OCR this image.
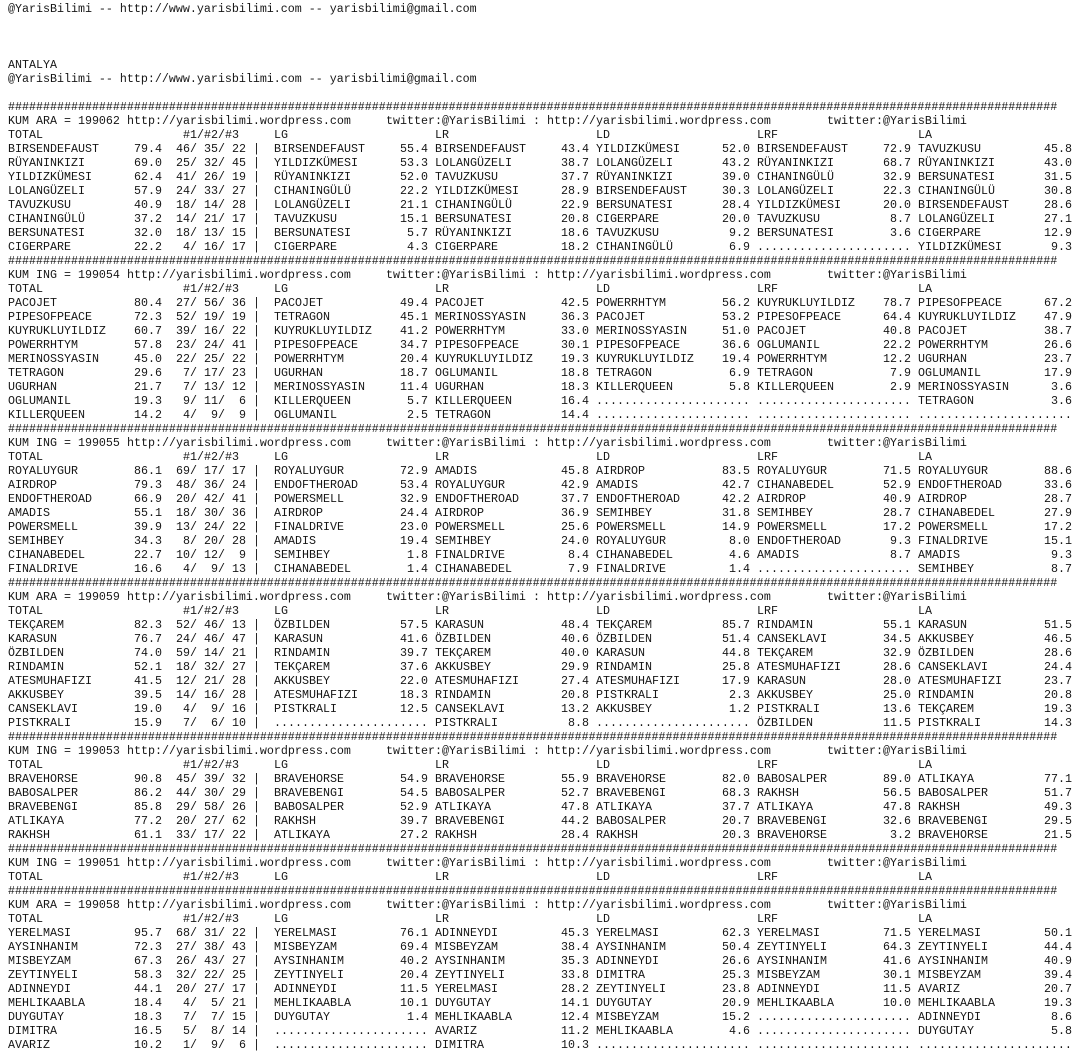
@YarisBilimi -- http://www.yarisbilimi.com -- yarisbilimi@gmail.com
ANTALYA
@YarisBilimi -- http://www.yarisbilimi.com -- yarisbilimi@gmail.com
######################################################################################################################################################
KUM ARA = 199062 http://yarisbilimi.wordpress.com	twitter:@YarisBilimi : http://yarisbilimi.wordpress.com	twitter:@YarisBilimi
TOTAL	#1/#2/#3	LG	LR	LD	LRF	LA
BIRSENDEFAUST	79.4	46/ 35/ 22 | BIRSENDEFAUST	55.4 BIRSENDEFAUST	43.4 YILDIZKÜMESI	52.0 BIRSENDEFAUST	72.9 TAVUZKUSU	45.8
RÜYANINKIZI	69.0	25/ 32/ 45 | YILDIZKÜMESI	53.3 LOLANGÜZELI	38.7 LOLANGÜZELI	43.2 RÜYANINKIZI	68.7 RÜYANINKIZI	43.0
YILDIZKÜMESI	62.4	41/ 26/ 19 | RÜYANINKIZI	52.0 TAVUZKUSU	37.7 RÜYANINKIZI	39.0 CIHANINGÜLÜ	32.9 BERSUNATESI	31.5
LOLANGÜZELI	57.9	24/ 33/ 27 | CIHANINGÜLÜ	22.2 YILDIZKÜMESI	28.9 BIRSENDEFAUST	30.3 LOLANGÜZELI	22.3 CIHANINGÜLÜ	30.8
TAVUZKUSU	40.9	18/ 14/ 28 | LOLANGÜZELI	21.1 CIHANINGÜLÜ	22.9 BERSUNATESI	28.4 YILDIZKÜMESI	20.0 BIRSENDEFAUST	28.6
CIHANINGÜLÜ	37.2	14/ 21/ 17 | TAVUZKUSU	15.1 BERSUNATESI	20.8 CIGERPARE	20.0 TAVUZKUSU	8.7 LOLANGÜZELI	27.1
BERSUNATESI	32.0	18/ 13/ 15 | BERSUNATESI	5.7 RÜYANINKIZI	18.6 TAVUZKUSU	9.2 BERSUNATESI	3.6 CIGERPARE	12.9
CIGERPARE	22.2	4/ 16/ 17 | CIGERPARE	4.3 CIGERPARE	18.2 CIHANINGÜLÜ	6.9 ...................... YILDIZKÜMESI	9.3
######################################################################################################################################################
KUM ING = 199054 http://yarisbilimi.wordpress.com	twitter:@YarisBilimi : http://yarisbilimi.wordpress.com	twitter:@YarisBilimi
TOTAL	#1/#2/#3	LG	LR	LD	LRF	LA
PACOJET	80.4	27/ 56/ 36 | PACOJET	49.4 PACOJET	42.5 POWERRHTYM	56.2 KUYRUKLUYILDIZ	78.7 PIPESOFPEACE	67.2
PIPESOFPEACE	72.3	52/ 19/ 19 | TETRAGON	45.1 MERINOSSYASIN	36.3 PACOJET	53.2 PIPESOFPEACE	64.4 KUYRUKLUYILDIZ	47.9
KUYRUKLUYILDIZ	60.7	39/ 16/ 22 | KUYRUKLUYILDIZ	41.2 POWERRHTYM	33.0 MERINOSSYASIN	51.0 PACOJET	40.8 PACOJET	38.7
POWERRHTYM	57.8	23/ 24/ 41 | PIPESOFPEACE	34.7 PIPESOFPEACE	30.1 PIPESOFPEACE	36.6 OGLUMANIL	22.2 POWERRHTYM	26.6
MERINOSSYASIN	45.0	22/ 25/ 22 | POWERRHTYM	20.4 KUYRUKLUYILDIZ	19.3 KUYRUKLUYILDIZ	19.4 POWERRHTYM	12.2 UGURHAN	23.7
TETRAGON	29.6	7/ 17/ 23 | UGURHAN	18.7 OGLUMANIL	18.8 TETRAGON	6.9 TETRAGON	7.9 OGLUMANIL	17.9
UGURHAN	21.7	7/ 13/ 12 | MERINOSSYASIN	11.4 UGURHAN	18.3 KILLERQUEEN	5.8 KILLERQUEEN	2.9 MERINOSSYASIN	3.6
OGLUMANIL	19.3	9/ 11/  6 | KILLERQUEEN	5.7 KILLERQUEEN	16.4 ...................... ...................... TETRAGON	3.6
KILLERQUEEN	14.2	4/  9/  9 | OGLUMANIL	2.5 TETRAGON	14.4 ...................... ...................... ......................
######################################################################################################################################################
KUM ING = 199055 http://yarisbilimi.wordpress.com	twitter:@YarisBilimi : http://yarisbilimi.wordpress.com	twitter:@YarisBilimi
TOTAL	#1/#2/#3	LG	LR	LD	LRF	LA
ROYALUYGUR	86.1	69/ 17/ 17 | ROYALUYGUR	72.9 AMADIS	45.8 AIRDROP	83.5 ROYALUYGUR	71.5 ROYALUYGUR	88.6
AIRDROP	79.3	48/ 36/ 24 | ENDOFTHEROAD	53.4 ROYALUYGUR	42.9 AMADIS	42.7 CIHANABEDEL	52.9 ENDOFTHEROAD	33.6
ENDOFTHEROAD	66.9	20/ 42/ 41 | POWERSMELL	32.9 ENDOFTHEROAD	37.7 ENDOFTHEROAD	42.2 AIRDROP	40.9 AIRDROP	28.7
AMADIS	55.1	18/ 30/ 36 | AIRDROP	24.4 AIRDROP	36.9 SEMIHBEY	31.8 SEMIHBEY	28.7 CIHANABEDEL	27.9
POWERSMELL	39.9	13/ 24/ 22 | FINALDRIVE	23.0 POWERSMELL	25.6 POWERSMELL	14.9 POWERSMELL	17.2 POWERSMELL	17.2
SEMIHBEY	34.3	8/ 20/ 28 | AMADIS	19.4 SEMIHBEY	24.0 ROYALUYGUR	8.0 ENDOFTHEROAD	9.3 FINALDRIVE	15.1
CIHANABEDEL	22.7	10/ 12/  9 | SEMIHBEY	1.8 FINALDRIVE	8.4 CIHANABEDEL	4.6 AMADIS	8.7 AMADIS	9.3
FINALDRIVE	16.6	4/  9/ 13 | CIHANABEDEL	1.4 CIHANABEDEL	7.9 FINALDRIVE	1.4 ...................... SEMIHBEY	8.7
######################################################################################################################################################
KUM ARA = 199059 http://yarisbilimi.wordpress.com	twitter:@YarisBilimi : http://yarisbilimi.wordpress.com	twitter:@YarisBilimi
TOTAL	#1/#2/#3	LG	LR	LD	LRF	LA
TEKÇAREM	82.3	52/ 46/ 13 | ÖZBILDEN	57.5 KARASUN	48.4 TEKÇAREM	85.7 RINDAMIN	55.1 KARASUN	51.5
KARASUN	76.7	24/ 46/ 47 | KARASUN	41.6 ÖZBILDEN	40.6 ÖZBILDEN	51.4 CANSEKLAVI	34.5 AKKUSBEY	46.5
ÖZBILDEN	74.0	59/ 14/ 21 | RINDAMIN	39.7 TEKÇAREM	40.0 KARASUN	44.8 TEKÇAREM	32.9 ÖZBILDEN	28.6
RINDAMIN	52.1	18/ 32/ 27 | TEKÇAREM	37.6 AKKUSBEY	29.9 RINDAMIN	25.8 ATESMUHAFIZI	28.6 CANSEKLAVI	24.4
ATESMUHAFIZI	41.5	12/ 21/ 28 | AKKUSBEY	22.0 ATESMUHAFIZI	27.4 ATESMUHAFIZI	17.9 KARASUN	28.0 ATESMUHAFIZI	23.7
AKKUSBEY	39.5	14/ 16/ 28 | ATESMUHAFIZI	18.3 RINDAMIN	20.8 PISTKRALI	2.3 AKKUSBEY	25.0 RINDAMIN	20.8
CANSEKLAVI	19.0	4/  9/ 16 | PISTKRALI	12.5 CANSEKLAVI	13.2 AKKUSBEY	1.2 PISTKRALI	13.6 TEKÇAREM	19.3
PISTKRALI	15.9	7/  6/ 10 | ...................... PISTKRALI	8.8 ...................... ÖZBILDEN	11.5 PISTKRALI	14.3
######################################################################################################################################################
KUM ING = 199053 http://yarisbilimi.wordpress.com	twitter:@YarisBilimi : http://yarisbilimi.wordpress.com	twitter:@YarisBilimi
TOTAL	#1/#2/#3	LG	LR	LD	LRF	LA
BRAVEHORSE	90.8	45/ 39/ 32 | BRAVEHORSE	54.9 BRAVEHORSE	55.9 BRAVEHORSE	82.0 BABOSALPER	89.0 ATLIKAYA	77.1
BABOSALPER	86.2	44/ 30/ 29 | BRAVEBENGI	54.5 BABOSALPER	52.7 BRAVEBENGI	68.3 RAKHSH	56.5 BABOSALPER	51.7
BRAVEBENGI	85.8	29/ 58/ 26 | BABOSALPER	52.9 ATLIKAYA	47.8 ATLIKAYA	37.7 ATLIKAYA	47.8 RAKHSH	49.3
ATLIKAYA	77.2	20/ 27/ 62 | RAKHSH	39.7 BRAVEBENGI	44.2 BABOSALPER	20.7 BRAVEBENGI	32.6 BRAVEBENGI	29.5
RAKHSH	61.1	33/ 17/ 22 | ATLIKAYA	27.2 RAKHSH	28.4 RAKHSH	20.3 BRAVEHORSE	3.2 BRAVEHORSE	21.5
######################################################################################################################################################
KUM ING = 199051 http://yarisbilimi.wordpress.com	twitter:@YarisBilimi : http://yarisbilimi.wordpress.com	twitter:@YarisBilimi
TOTAL	#1/#2/#3	LG	LR	LD	LRF	LA
######################################################################################################################################################
KUM ARA = 199058 http://yarisbilimi.wordpress.com	twitter:@YarisBilimi : http://yarisbilimi.wordpress.com	twitter:@YarisBilimi
TOTAL	#1/#2/#3	LG	LR	LD	LRF	LA
YERELMASI	95.7	68/ 31/ 22 | YERELMASI	76.1 ADINNEYDI	45.3 YERELMASI	62.3 YERELMASI	71.5 YERELMASI	50.1
AYSINHANIM	72.3	27/ 38/ 43 | MISBEYZAM	69.4 MISBEYZAM	38.4 AYSINHANIM	50.4 ZEYTINYELI	64.3 ZEYTINYELI	44.4
MISBEYZAM	67.3	26/ 43/ 27 | AYSINHANIM	40.2 AYSINHANIM	35.3 ADINNEYDI	26.6 AYSINHANIM	41.6 AYSINHANIM	40.9
ZEYTINYELI	58.3	32/ 22/ 25 | ZEYTINYELI	20.4 ZEYTINYELI	33.8 DIMITRA	25.3 MISBEYZAM	30.1 MISBEYZAM	39.4
ADINNEYDI	44.1	20/ 27/ 17 | ADINNEYDI	11.5 YERELMASI	28.2 ZEYTINYELI	23.8 ADINNEYDI	11.5 AVARIZ	20.7
MEHLIKAABLA	18.4	4/  5/ 21 | MEHLIKAABLA	10.1 DUYGUTAY	14.1 DUYGUTAY	20.9 MEHLIKAABLA	10.0 MEHLIKAABLA	19.3
DUYGUTAY	18.3	7/  7/ 15 | DUYGUTAY	1.4 MEHLIKAABLA	12.4 MISBEYZAM	15.2 ...................... ADINNEYDI	8.6
DIMITRA	16.5	5/  8/ 14 | ...................... AVARIZ	11.2 MEHLIKAABLA	4.6 ...................... DUYGUTAY	5.8
AVARIZ	10.2	1/  9/  6 | ...................... DIMITRA	10.3 ...................... ...................... ......................
